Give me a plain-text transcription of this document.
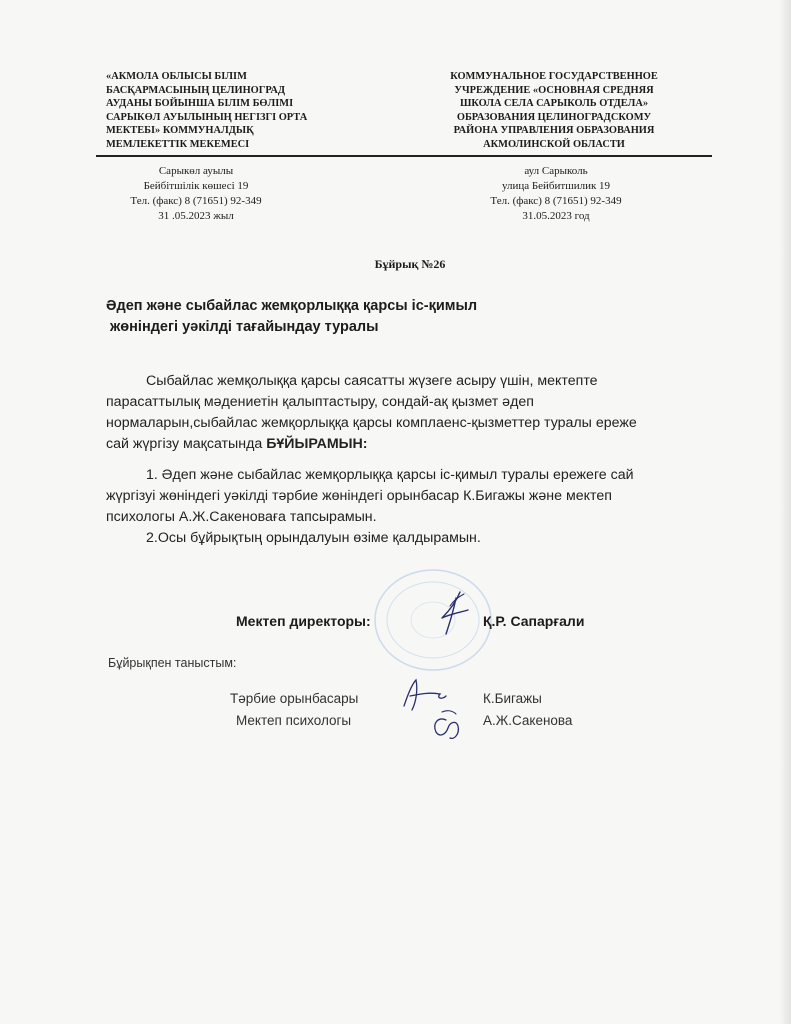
«АКМОЛА ОБЛЫСЫ БІЛІМ
БАСҚАРМАСЫНЫҢ ЦЕЛИНОГРАД
АУДАНЫ БОЙЫНША БІЛІМ БӨЛІМІ
САРЫКӨЛ АУЫЛЫНЫҢ НЕГІЗГІ ОРТА
МЕКТЕБІ» КОММУНАЛДЫҚ
МЕМЛЕКЕТТІК МЕКЕМЕСІ
КОММУНАЛЬНОЕ ГОСУДАРСТВЕННОЕ
УЧРЕЖДЕНИЕ «ОСНОВНАЯ СРЕДНЯЯ
ШКОЛА СЕЛА САРЫКОЛЬ ОТДЕЛА»
ОБРАЗОВАНИЯ ЦЕЛИНОГРАДСКОМУ
РАЙОНА УПРАВЛЕНИЯ ОБРАЗОВАНИЯ
АКМОЛИНСКОЙ ОБЛАСТИ
Сарыкөл ауылы
Бейбітшілік көшесі 19
Тел. (факс) 8 (71651) 92-349
31 .05.2023 жыл
аул Сарыколь
улица Бейбитшилик 19
Тел. (факс) 8 (71651) 92-349
31.05.2023 год
Бұйрық №26
Әдеп және сыбайлас жемқорлыққа қарсы іс-қимыл
жөніндегі уәкілді тағайындау туралы
Сыбайлас жемқолыққа қарсы саясатты жүзеге асыру үшін, мектепте
парасаттылық мәдениетін қалыптастыру, сондай-ақ қызмет әдеп
нормаларын,сыбайлас жемқорлыққа қарсы комплаенс-қызметтер туралы ереже
сай жүргізу мақсатында БҰЙЫРАМЫН:
1. Әдеп және сыбайлас жемқорлыққа қарсы іс-қимыл туралы ережеге сай
жүргізуі жөніндегі уәкілді тәрбие жөніндегі орынбасар К.Бигажы және мектеп
психологы А.Ж.Сакеноваға тапсырамын.
2.Осы бұйрықтың орындалуын өзіме қалдырамын.
Мектеп директоры:	Қ.Р. Сапарғали
Бұйрықпен таныстым:
Тәрбие орынбасары	К.Бигажы
Мектеп психологы	А.Ж.Сакенова
